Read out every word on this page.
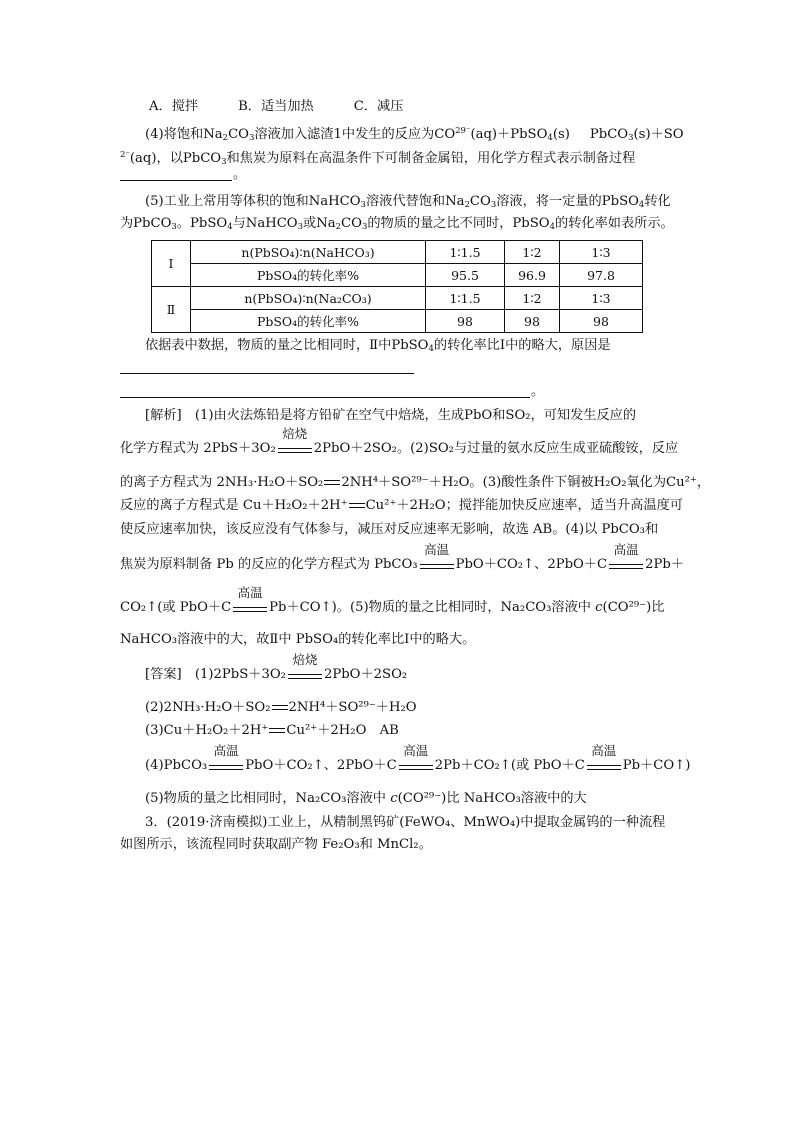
A．搅拌	B．适当加热	C．减压
(4)将饱和$Na_2CO_3$溶液加入滤渣1中发生的反应为$CO^{29^-}(aq)+PbSO_4(s)$ PbCO$_3$(s)＋SO
$^{2^-}$(aq)，以PbCO$_3$和焦炭为原料在高温条件下可制备金属铅，用化学方程式表示制备过程
。
(5)工业上常用等体积的饱和NaHCO$_3$溶液代替饱和$Na_2CO_3$溶液，将一定量的PbSO$_4$转化
为PbCO$_3$。PbSO$_4$与NaHCO$_3$或$Na_2CO_3$的物质的量之比不同时，PbSO$_4$的转化率如表所示。
Ⅰ	n(PbSO₄)∶n(NaHCO₃)	1∶1.5	1∶2	1∶3
	PbSO₄的转化率%	95.5	96.9	97.8
Ⅱ	n(PbSO₄)∶n(Na₂CO₃)	1∶1.5	1∶2	1∶3
	PbSO₄的转化率%	98	98	98
依据表中数据，物质的量之比相同时，Ⅱ中PbSO$_4$的转化率比Ⅰ中的略大，原因是
。
[解析]　(1)由火法炼铅是将方铅矿在空气中焙烧，生成PbO和SO₂，可知发生反应的
化学方程式为 2PbS＋3O₂
焙烧
2PbO＋2SO₂。(2)SO₂与过量的氨水反应生成亚硫酸铵，反应
的离子方程式为 2NH₃·H₂O＋SO₂ 2NH⁴＋SO²⁹⁻＋H₂O。(3)酸性条件下铜被H₂O₂氧化为Cu²⁺，
反应的离子方程式是 Cu＋H₂O₂＋2H⁺ Cu²⁺＋2H₂O；搅拌能加快反应速率，适当升高温度可
使反应速率加快，该反应没有气体参与，减压对反应速率无影响，故选 AB。(4)以 PbCO₃和
焦炭为原料制备 Pb 的反应的化学方程式为 PbCO₃
高温
PbO＋CO₂↑、2PbO＋C
高温
2Pb＋
CO₂↑(或 PbO＋C
高温
Pb＋CO↑)。(5)物质的量之比相同时，Na₂CO₃溶液中 c(CO²⁹⁻)比
NaHCO₃溶液中的大，故Ⅱ中 PbSO₄的转化率比Ⅰ中的略大。
[答案]　(1)2PbS＋3O₂
焙烧
2PbO＋2SO₂
(2)2NH₃·H₂O＋SO₂ 2NH⁴＋SO²⁹⁻＋H₂O
(3)Cu＋H₂O₂＋2H⁺ Cu²⁺＋2H₂O　AB
(4)PbCO₃
高温
PbO＋CO₂↑、2PbO＋C
高温
2Pb＋CO₂↑(或 PbO＋C
高温
Pb＋CO↑)
(5)物质的量之比相同时，Na₂CO₃溶液中 c(CO²⁹⁻)比 NaHCO₃溶液中的大
3．(2019·济南模拟)工业上，从精制黑钨矿(FeWO₄、MnWO₄)中提取金属钨的一种流程
如图所示，该流程同时获取副产物 Fe₂O₃和 MnCl₂。
